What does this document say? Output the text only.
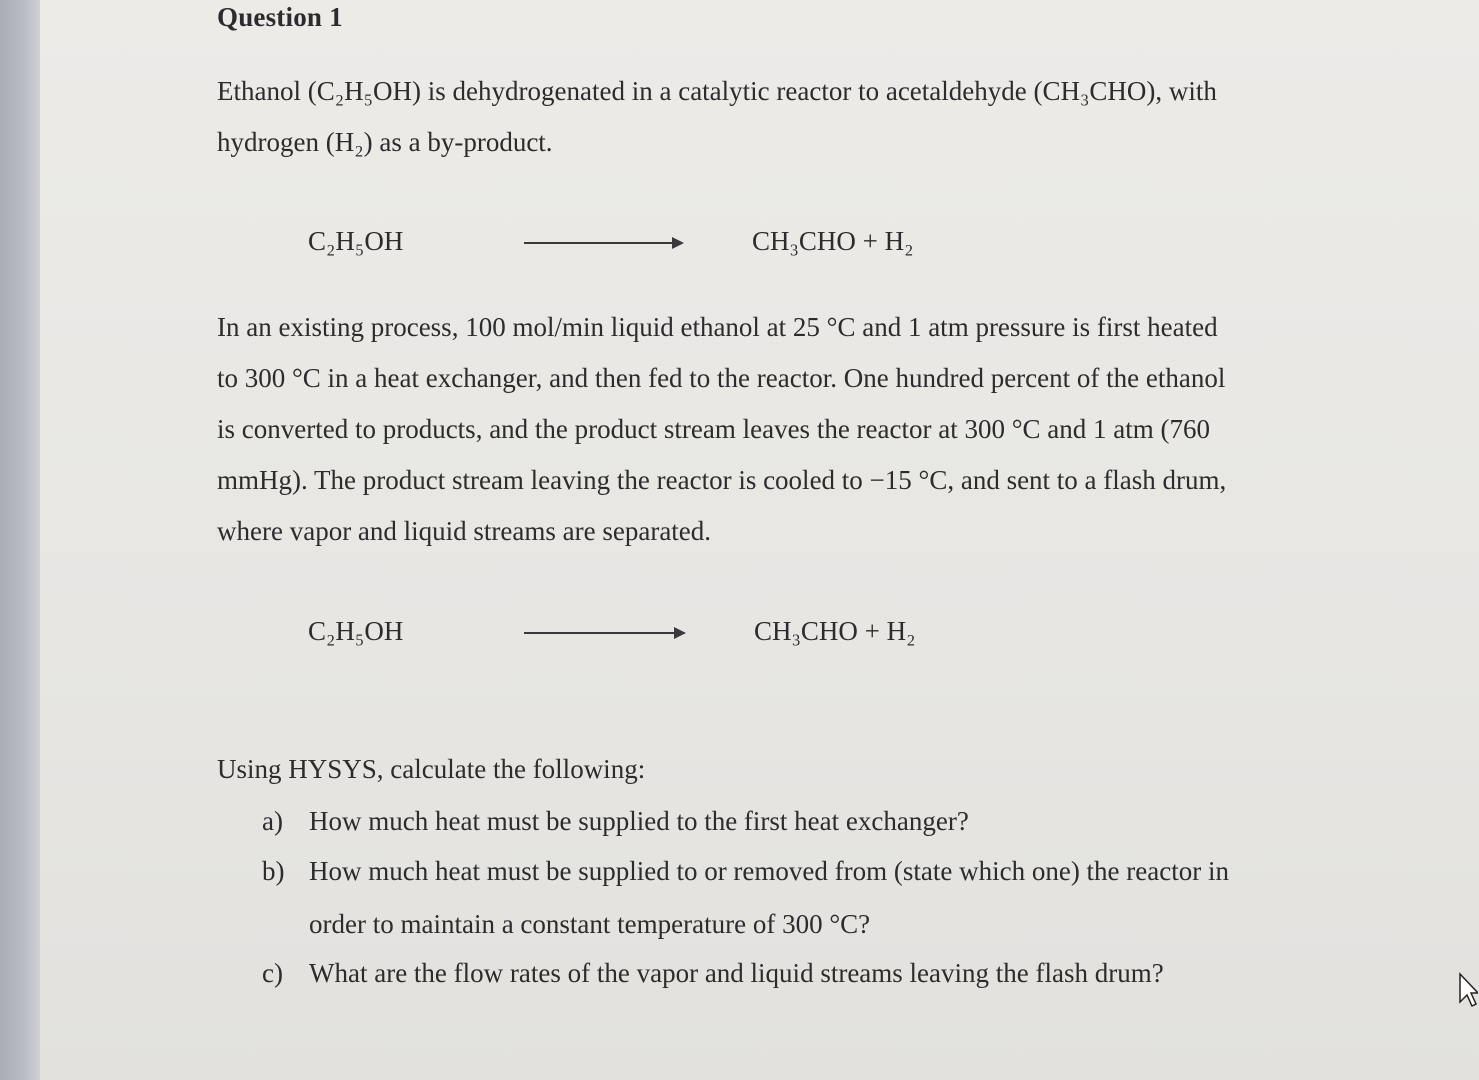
Question 1
Ethanol (C₂H₅OH) is dehydrogenated in a catalytic reactor to acetaldehyde (CH₃CHO), with
hydrogen (H₂) as a by-product.
C₂H₅OH	CH₃CHO + H₂
In an existing process, 100 mol/min liquid ethanol at 25 °C and 1 atm pressure is first heated
to 300 °C in a heat exchanger, and then fed to the reactor. One hundred percent of the ethanol
is converted to products, and the product stream leaves the reactor at 300 °C and 1 atm (760
mmHg). The product stream leaving the reactor is cooled to −15 °C, and sent to a flash drum,
where vapor and liquid streams are separated.
C₂H₅OH	CH₃CHO + H₂
Using HYSYS, calculate the following:
a) How much heat must be supplied to the first heat exchanger?
b) How much heat must be supplied to or removed from (state which one) the reactor in
order to maintain a constant temperature of 300 °C?
c) What are the flow rates of the vapor and liquid streams leaving the flash drum?
